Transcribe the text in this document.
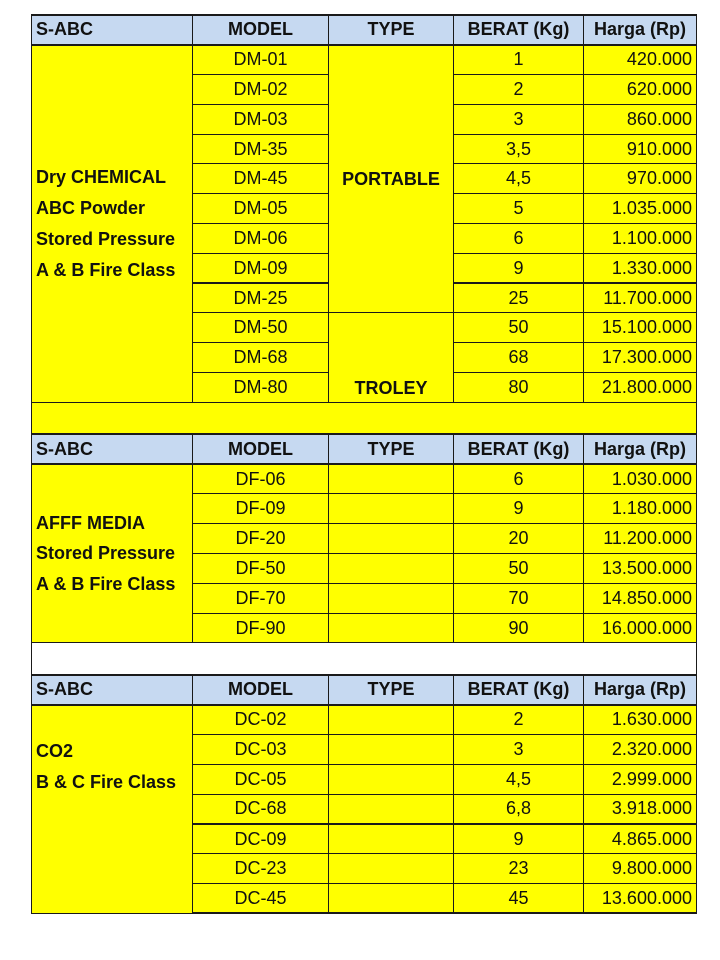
S-ABC	MODEL	TYPE	BERAT (Kg)	Harga (Rp)

Dry CHEMICAL
ABC Powder
Stored Pressure
A & B Fire Class	DM-01	PORTABLE	1	420.000
	DM-02		2	620.000
	DM-03		3	860.000
	DM-35		3,5	910.000
	DM-45		4,5	970.000
	DM-05		5	1.035.000
	DM-06		6	1.100.000
	DM-09		9	1.330.000
	DM-25		25	11.700.000
	DM-50	TROLEY	50	15.100.000
	DM-68		68	17.300.000
	DM-80		80	21.800.000

S-ABC	MODEL	TYPE	BERAT (Kg)	Harga (Rp)

AFFF MEDIA
Stored Pressure
A & B Fire Class	DF-06		6	1.030.000
	DF-09		9	1.180.000
	DF-20		20	11.200.000
	DF-50		50	13.500.000
	DF-70		70	14.850.000
	DF-90		90	16.000.000

S-ABC	MODEL	TYPE	BERAT (Kg)	Harga (Rp)

CO2
B & C Fire Class	DC-02		2	1.630.000
	DC-03		3	2.320.000
	DC-05		4,5	2.999.000
	DC-68		6,8	3.918.000
	DC-09		9	4.865.000
	DC-23		23	9.800.000
	DC-45		45	13.600.000
